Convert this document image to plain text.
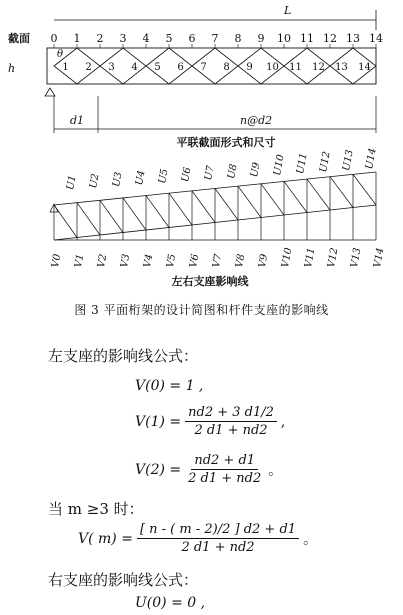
L
截面 0 1 2 3 4 5 6 7 8 9 10 11 12 13 14
θ
h	1 2 3 4 5 6 7 8 9 10 11 12 13 14
d1	n@d2
平联截面形式和尺寸
U1 U2 U3 U4 U5 U6 U7 U8 U9 U10 U11 U12 U13 U14
V0 V1 V2 V3 V4 V5 V6 V7 V8 V9 V10 V11 V12 V13 V14
左右支座影响线
图 3 平面桁架的设计简图和杆件支座的影响线
左支座的影响线公式：
V(0) = 1 ,
$V(1) = \frac{nd2 + 3 d1/2}{2 d1 + nd2}$ ,
$V(2) = \frac{nd2 + d1}{2 d1 + nd2}$ 。
当 m ≥3 时：
V( $m) = \frac{[ n - ( m - 2)/2 ] d2 + d1}{2 d1 + nd2}$ 。
右支座的影响线公式：
U(0) = 0 ,
